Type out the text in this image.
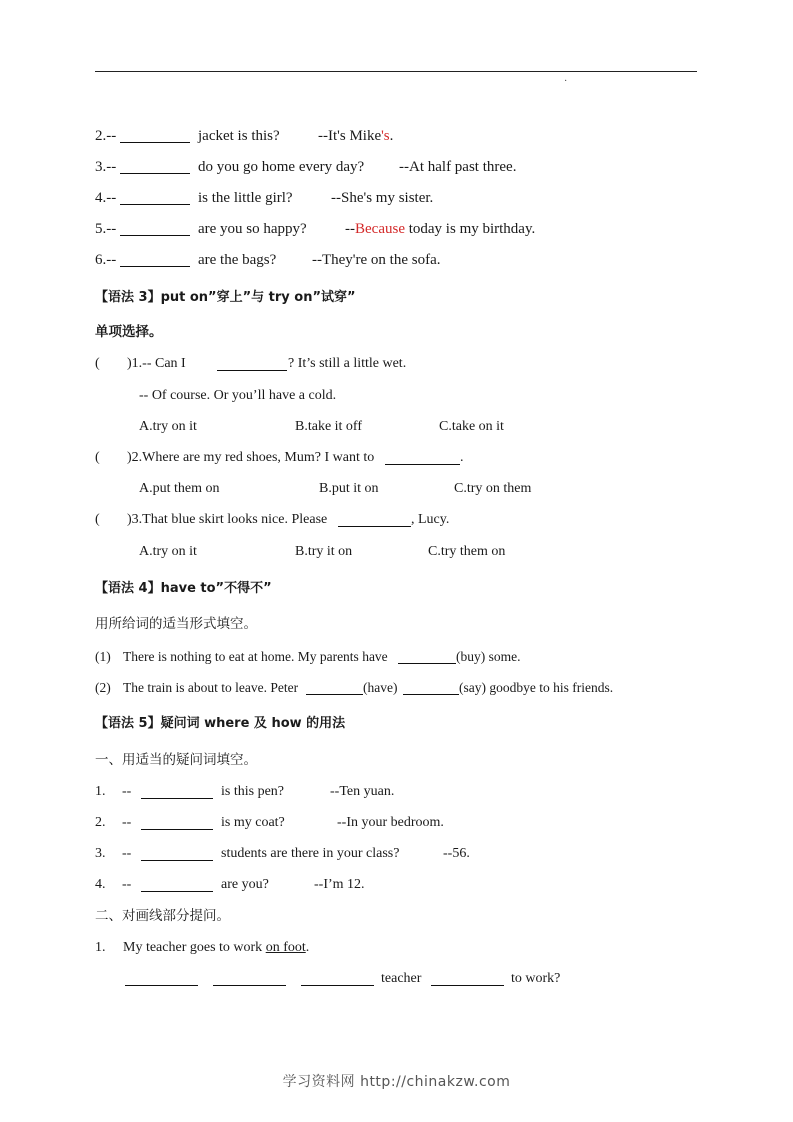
·
2.--	jacket is this?	--It's Mike's.
3.--	do you go home every day? --At half past three.
4.--	is the little girl?	--She's my sister.
5.--	are you so happy?	--Because today is my birthday.
6.--	are the bags? --They're on the sofa.
【语法 3】put on”穿上”与 try on”试穿”
单项选择。
( )1.-- Can I	? It’s still a little wet.
-- Of course. Or you’ll have a cold.
A.try on it	B.take it off	C.take on it
( )2.Where are my red shoes, Mum? I want to	.
A.put them on	B.put it on	C.try on them
( )3.That blue skirt looks nice. Please	, Lucy.
A.try on it	B.try it on	C.try them on
【语法 4】have to”不得不”
用所给词的适当形式填空。
(1) There is nothing to eat at home. My parents have	(buy) some.
(2) The train is about to leave. Peter	(have)	(say) goodbye to his friends.
【语法 5】疑问词 where 及 how 的用法
一、用适当的疑问词填空。
1. --	is this pen?	--Ten yuan.
2. --	is my coat?	--In your bedroom.
3. --	students are there in your class?	--56.
4. --	are you?	--I’m 12.
二、对画线部分提问。
1. My teacher goes to work on foot.
teacher	to work?
学习资料网 http://chinakzw.com
